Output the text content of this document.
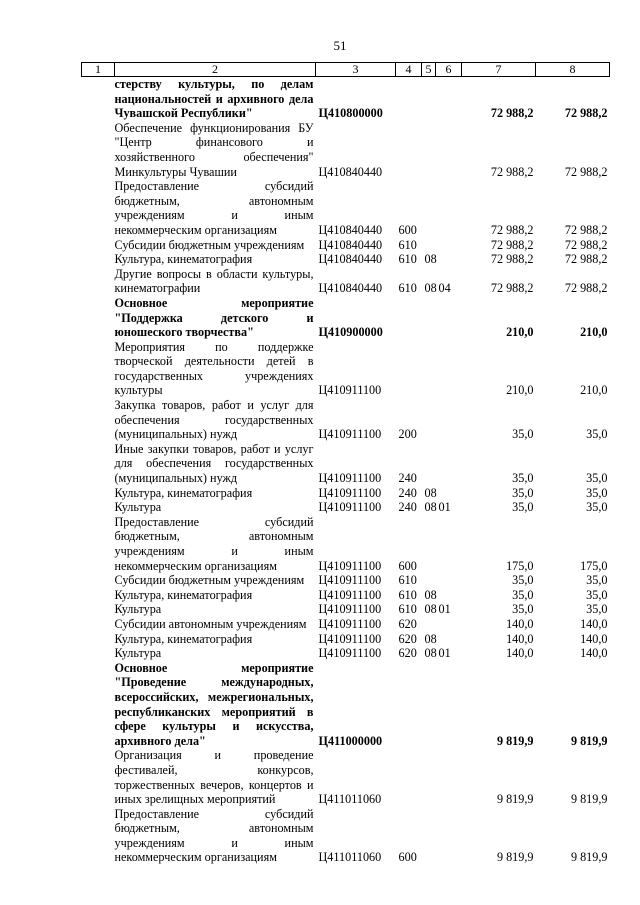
51
1	2	3	4	5	6	7	8
стерству культуры, по делам национальностей и архивного дела Чувашской Республики"		Ц410800000				72 988,2	72 988,2
Обеспечение функционирования БУ "Центр финансового и хозяйственного обеспечения" Минкультуры Чувашии		Ц410840440				72 988,2	72 988,2
Предоставление субсидий бюджетным, автономным учреждениям и иным некоммерческим организациям		Ц410840440	600			72 988,2	72 988,2
Субсидии бюджетным учреждениям		Ц410840440	610			72 988,2	72 988,2
Культура, кинематография		Ц410840440	610	08		72 988,2	72 988,2
Другие вопросы в области культуры, кинематографии		Ц410840440	610	08	04	72 988,2	72 988,2
Основное мероприятие "Поддержка детского и юношеского творчества"		Ц410900000				210,0	210,0
Мероприятия по поддержке творческой деятельности детей в государственных учреждениях культуры		Ц410911100				210,0	210,0
Закупка товаров, работ и услуг для обеспечения государственных (муниципальных) нужд		Ц410911100	200			35,0	35,0
Иные закупки товаров, работ и услуг для обеспечения государственных (муниципальных) нужд		Ц410911100	240			35,0	35,0
Культура, кинематография		Ц410911100	240	08		35,0	35,0
Культура		Ц410911100	240	08	01	35,0	35,0
Предоставление субсидий бюджетным, автономным учреждениям и иным некоммерческим организациям		Ц410911100	600			175,0	175,0
Субсидии бюджетным учреждениям		Ц410911100	610			35,0	35,0
Культура, кинематография		Ц410911100	610	08		35,0	35,0
Культура		Ц410911100	610	08	01	35,0	35,0
Субсидии автономным учреждениям		Ц410911100	620			140,0	140,0
Культура, кинематография		Ц410911100	620	08		140,0	140,0
Культура		Ц410911100	620	08	01	140,0	140,0
Основное мероприятие "Проведение международных, всероссийских, межрегиональных, республиканских мероприятий в сфере культуры и искусства, архивного дела"		Ц411000000				9 819,9	9 819,9
Организация и проведение фестивалей, конкурсов, торжественных вечеров, концертов и иных зрелищных мероприятий		Ц411011060				9 819,9	9 819,9
Предоставление субсидий бюджетным, автономным учреждениям и иным некоммерческим организациям		Ц411011060	600			9 819,9	9 819,9
